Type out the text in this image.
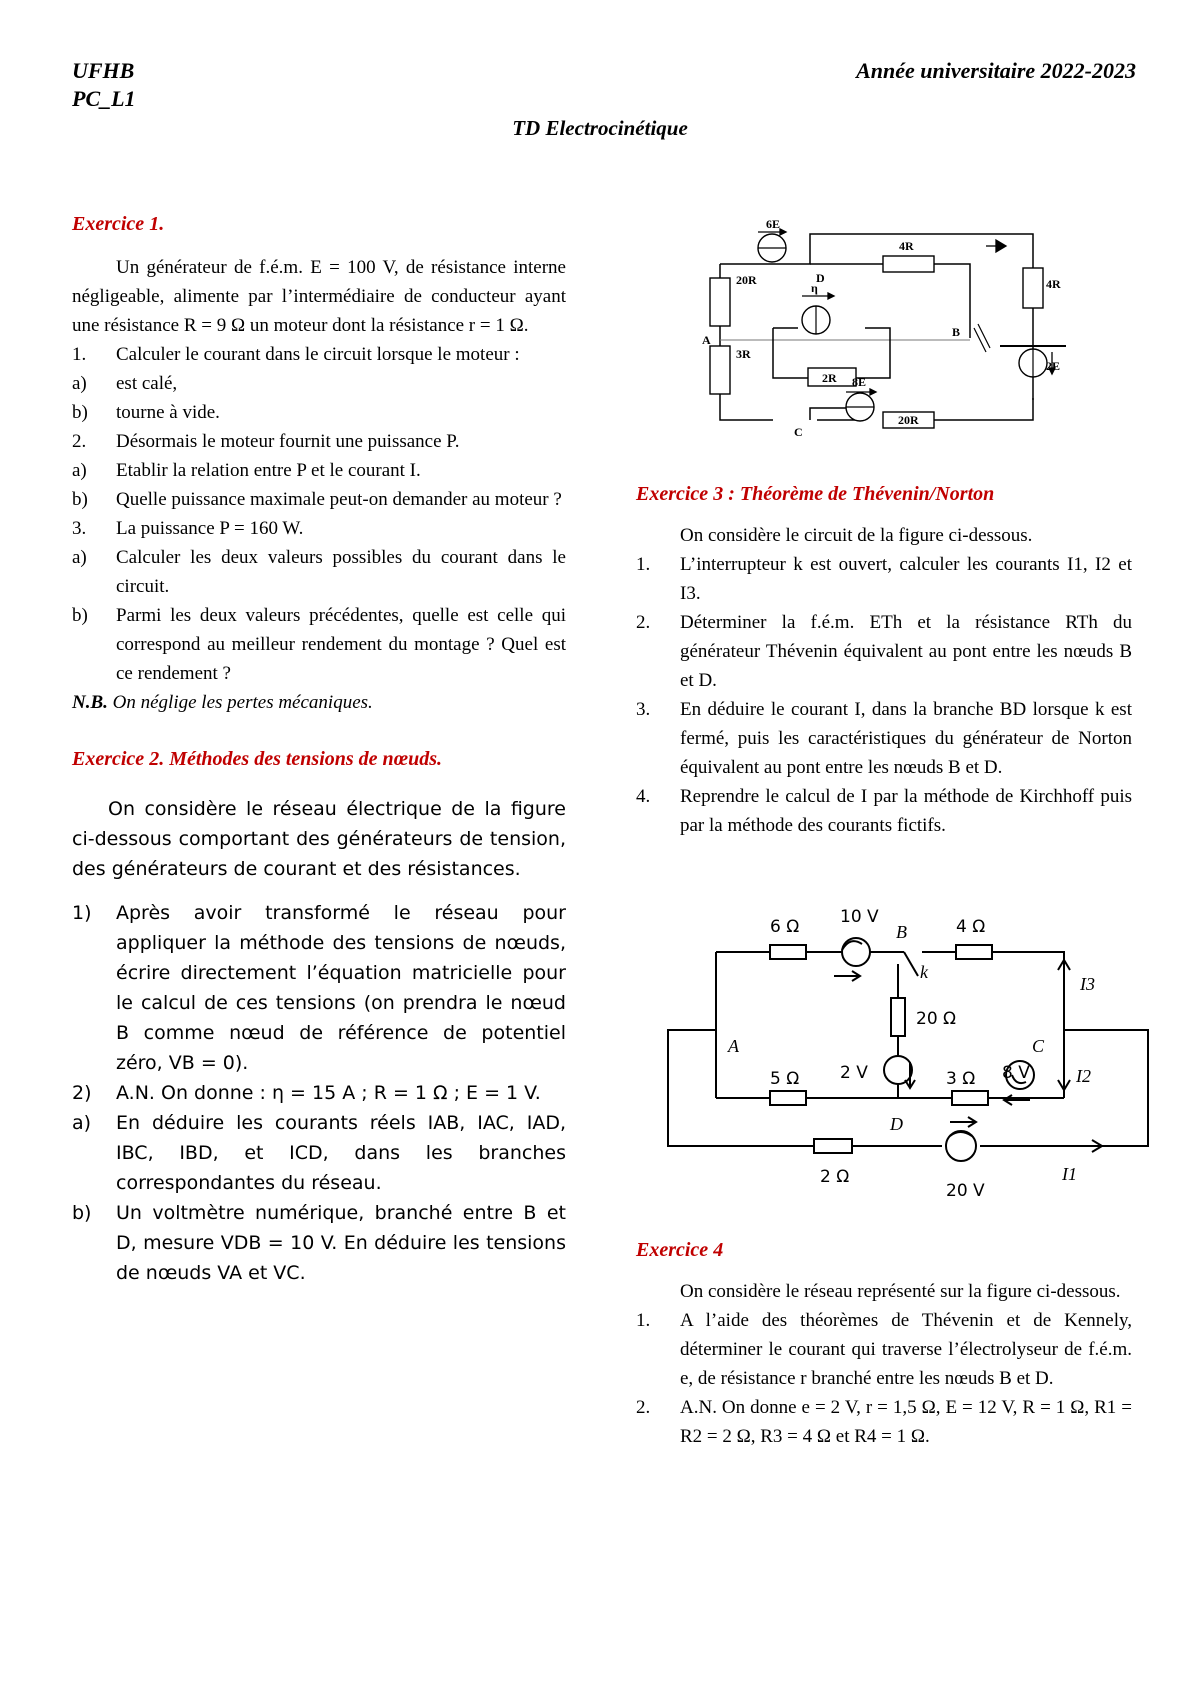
UFHB
PC_L1
Année universitaire 2022-2023
TD Electrocinétique
Exercice 1.
Un générateur de f.é.m. E = 100 V, de résistance interne négligeable, alimente par l’intermédiaire de conducteur ayant une résistance R = 9 Ω un moteur dont la résistance r = 1 Ω.
1. Calculer le courant dans le circuit lorsque le moteur :
a) est calé,
b) tourne à vide.
2. Désormais le moteur fournit une puissance P.
a) Etablir la relation entre P et le courant I.
b) Quelle puissance maximale peut-on demander au moteur ?
3. La puissance P = 160 W.
a) Calculer les deux valeurs possibles du courant dans le circuit.
b) Parmi les deux valeurs précédentes, quelle est celle qui correspond au meilleur rendement du montage ? Quel est ce rendement ?
N.B. On néglige les pertes mécaniques.
Exercice 2. Méthodes des tensions de nœuds.
On considère le réseau électrique de la figure ci-dessous comportant des générateurs de tension, des générateurs de courant et des résistances.
1) Après avoir transformé le réseau pour appliquer la méthode des tensions de nœuds, écrire directement l’équation matricielle pour le calcul de ces tensions (on prendra le nœud B comme nœud de référence de potentiel zéro, VB = 0).
2) A.N. On donne : η = 15 A ; R = 1 Ω ; E = 1 V.
a) En déduire les courants réels IAB, IAC, IAD, IBC, IBD, et ICD, dans les branches correspondantes du réseau.
b) Un voltmètre numérique, branché entre B et D, mesure VDB = 10 V. En déduire les tensions de nœuds VA et VC.
6E
D
4R
20R
η
A
B
4R
2R
2E
3R
8E
20R
C
Exercice 3 : Théorème de Thévenin/Norton
On considère le circuit de la figure ci-dessous.
1. L’interrupteur k est ouvert, calculer les courants I1, I2 et I3.
2. Déterminer la f.é.m. ETh et la résistance RTh du générateur Thévenin équivalent au pont entre les nœuds B et D.
3. En déduire le courant I, dans la branche BD lorsque k est fermé, puis les caractéristiques du générateur de Norton équivalent au pont entre les nœuds B et D.
4. Reprendre le calcul de I par la méthode de Kirchhoff puis par la méthode des courants fictifs.
6 Ω 10 V
B	4 Ω
k
I3
20 Ω
A	C
5 Ω 2 V	3 Ω 8 V	I2
D
2 Ω	I1
20 V
Exercice 4
On considère le réseau représenté sur la figure ci-dessous.
1. A l’aide des théorèmes de Thévenin et de Kennely, déterminer le courant qui traverse l’électrolyseur de f.é.m. e, de résistance r branché entre les nœuds B et D.
2. A.N. On donne e = 2 V, r = 1,5 Ω, E = 12 V, R = 1 Ω, R1 = R2 = 2 Ω, R3 = 4 Ω et R4 = 1 Ω.
